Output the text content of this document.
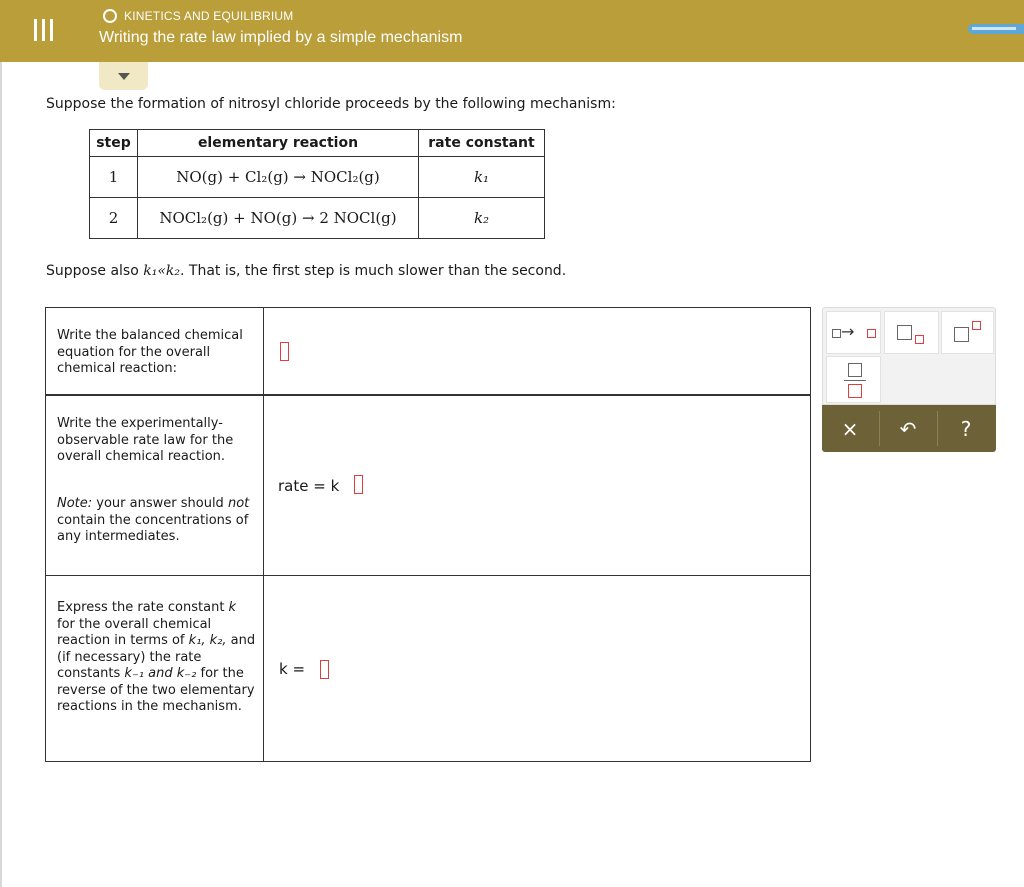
KINETICS AND EQUILIBRIUM
Writing the rate law implied by a simple mechanism
Suppose the formation of nitrosyl chloride proceeds by the following mechanism:
step	elementary reaction	rate constant
1	NO(g) + Cl₂(g) → NOCl₂(g)	k₁
2	NOCl₂(g) + NO(g) → 2 NOCl(g)	k₂
Suppose also k₁«k₂. That is, the first step is much slower than the second.
Write the balanced chemical equation for the overall chemical reaction:
Write the experimentally-observable rate law for the overall chemical reaction.
Note: your answer should not contain the concentrations of any intermediates.
rate = k
Express the rate constant k for the overall chemical reaction in terms of k₁, k₂, and (if necessary) the rate constants k₋₁ and k₋₂ for the reverse of the two elementary reactions in the mechanism.
k =
→
× ↶ ?
